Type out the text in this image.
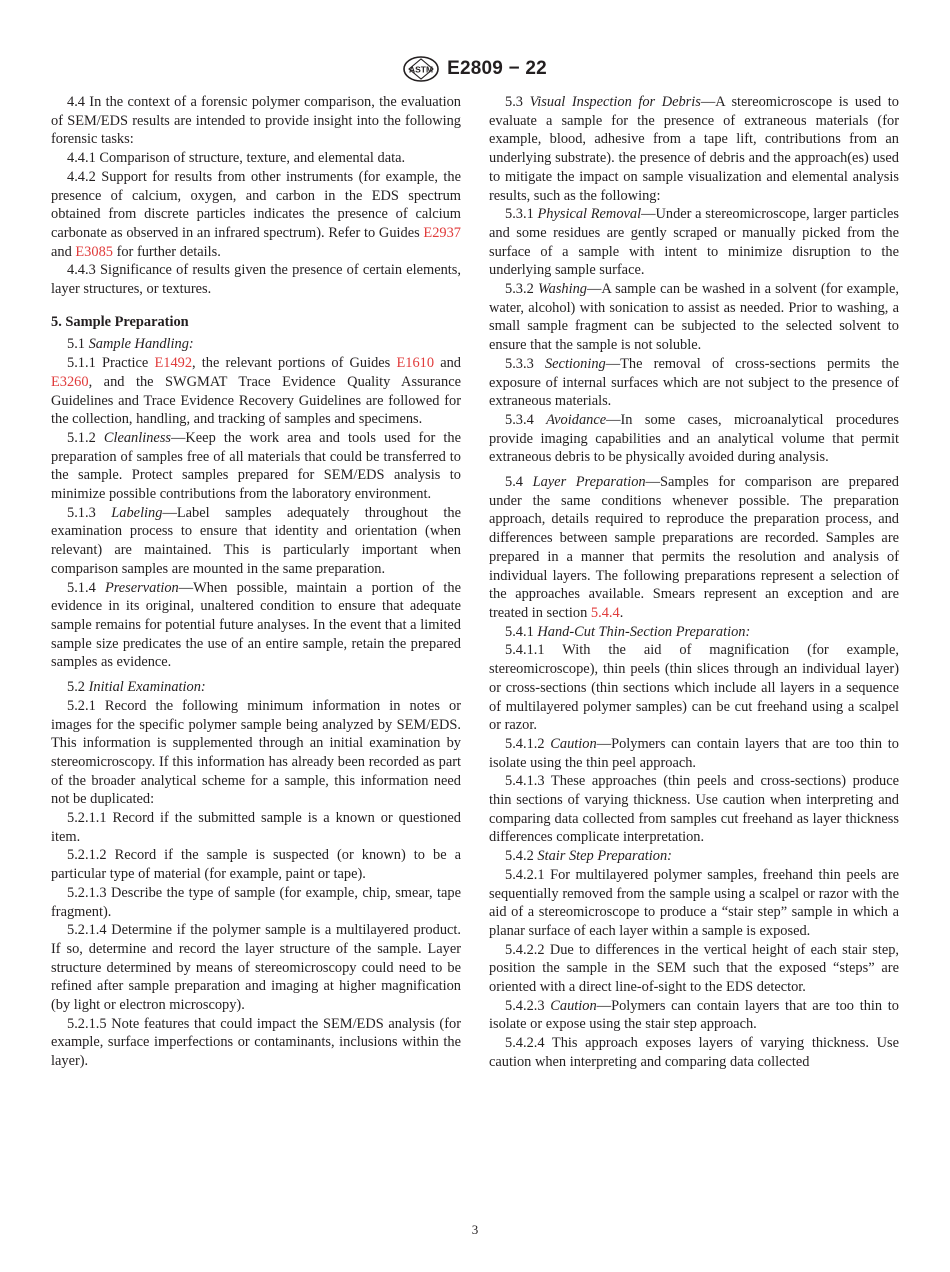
ASTM E2809 − 22

4.4 In the context of a forensic polymer comparison, the evaluation of SEM/EDS results are intended to provide insight into the following forensic tasks:

4.4.1 Comparison of structure, texture, and elemental data.

4.4.2 Support for results from other instruments (for example, the presence of calcium, oxygen, and carbon in the EDS spectrum obtained from discrete particles indicates the presence of calcium carbonate as observed in an infrared spectrum). Refer to Guides E2937 and E3085 for further details.

4.4.3 Significance of results given the presence of certain elements, layer structures, or textures.

5. Sample Preparation

5.1 Sample Handling:

5.1.1 Practice E1492, the relevant portions of Guides E1610 and E3260, and the SWGMAT Trace Evidence Quality Assurance Guidelines and Trace Evidence Recovery Guidelines are followed for the collection, handling, and tracking of samples and specimens.

5.1.2 Cleanliness—Keep the work area and tools used for the preparation of samples free of all materials that could be transferred to the sample. Protect samples prepared for SEM/EDS analysis to minimize possible contributions from the laboratory environment.

5.1.3 Labeling—Label samples adequately throughout the examination process to ensure that identity and orientation (when relevant) are maintained. This is particularly important when comparison samples are mounted in the same preparation.

5.1.4 Preservation—When possible, maintain a portion of the evidence in its original, unaltered condition to ensure that adequate sample remains for potential future analyses. In the event that a limited sample size predicates the use of an entire sample, retain the prepared samples as evidence.

5.2 Initial Examination:

5.2.1 Record the following minimum information in notes or images for the specific polymer sample being analyzed by SEM/EDS. This information is supplemented through an initial examination by stereomicroscopy. If this information has already been recorded as part of the broader analytical scheme for a sample, this information need not be duplicated:

5.2.1.1 Record if the submitted sample is a known or questioned item.

5.2.1.2 Record if the sample is suspected (or known) to be a particular type of material (for example, paint or tape).

5.2.1.3 Describe the type of sample (for example, chip, smear, tape fragment).

5.2.1.4 Determine if the polymer sample is a multilayered product. If so, determine and record the layer structure of the sample. Layer structure determined by means of stereomicroscopy could need to be refined after sample preparation and imaging at higher magnification (by light or electron microscopy).

5.2.1.5 Note features that could impact the SEM/EDS analysis (for example, surface imperfections or contaminants, inclusions within the layer).

5.3 Visual Inspection for Debris—A stereomicroscope is used to evaluate a sample for the presence of extraneous materials (for example, blood, adhesive from a tape lift, contributions from an underlying substrate). the presence of debris and the approach(es) used to mitigate the impact on sample visualization and elemental analysis results, such as the following:

5.3.1 Physical Removal—Under a stereomicroscope, larger particles and some residues are gently scraped or manually picked from the surface of a sample with intent to minimize disruption to the underlying sample surface.

5.3.2 Washing—A sample can be washed in a solvent (for example, water, alcohol) with sonication to assist as needed. Prior to washing, a small sample fragment can be subjected to the selected solvent to ensure that the sample is not soluble.

5.3.3 Sectioning—The removal of cross-sections permits the exposure of internal surfaces which are not subject to the presence of extraneous materials.

5.3.4 Avoidance—In some cases, microanalytical procedures provide imaging capabilities and an analytical volume that permit extraneous debris to be physically avoided during analysis.

5.4 Layer Preparation—Samples for comparison are prepared under the same conditions whenever possible. The preparation approach, details required to reproduce the preparation process, and differences between sample preparations are recorded. Samples are prepared in a manner that permits the resolution and analysis of individual layers. The following preparations represent a selection of the approaches available. Smears represent an exception and are treated in section 5.4.4.

5.4.1 Hand-Cut Thin-Section Preparation:

5.4.1.1 With the aid of magnification (for example, stereomicroscope), thin peels (thin slices through an individual layer) or cross-sections (thin sections which include all layers in a sequence of multilayered polymer samples) can be cut freehand using a scalpel or razor.

5.4.1.2 Caution—Polymers can contain layers that are too thin to isolate using the thin peel approach.

5.4.1.3 These approaches (thin peels and cross-sections) produce thin sections of varying thickness. Use caution when interpreting and comparing data collected from samples cut freehand as layer thickness differences complicate interpretation.

5.4.2 Stair Step Preparation:

5.4.2.1 For multilayered polymer samples, freehand thin peels are sequentially removed from the sample using a scalpel or razor with the aid of a stereomicroscope to produce a “stair step” sample in which a planar surface of each layer within a sample is exposed.

5.4.2.2 Due to differences in the vertical height of each stair step, position the sample in the SEM such that the exposed “steps” are oriented with a direct line-of-sight to the EDS detector.

5.4.2.3 Caution—Polymers can contain layers that are too thin to isolate or expose using the stair step approach.

5.4.2.4 This approach exposes layers of varying thickness. Use caution when interpreting and comparing data collected

3
